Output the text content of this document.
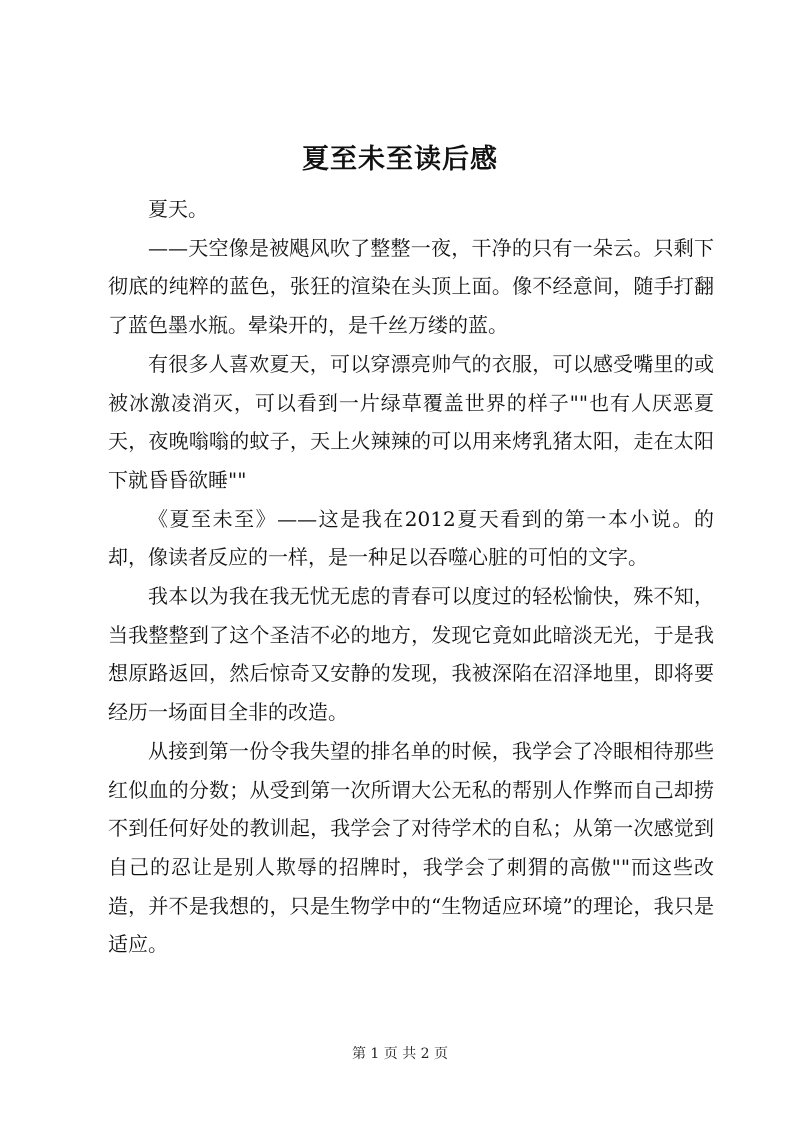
夏至未至读后感

夏天。

——天空像是被飓风吹了整整一夜，干净的只有一朵云。只剩下彻底的纯粹的蓝色，张狂的渲染在头顶上面。像不经意间，随手打翻了蓝色墨水瓶。晕染开的，是千丝万缕的蓝。

有很多人喜欢夏天，可以穿漂亮帅气的衣服，可以感受嘴里的或被冰激凌消灭，可以看到一片绿草覆盖世界的样子""也有人厌恶夏天，夜晚嗡嗡的蚊子，天上火辣辣的可以用来烤乳猪太阳，走在太阳下就昏昏欲睡""

《夏至未至》——这是我在2012夏天看到的第一本小说。的却，像读者反应的一样，是一种足以吞噬心脏的可怕的文字。

我本以为我在我无忧无虑的青春可以度过的轻松愉快，殊不知，当我整整到了这个圣洁不必的地方，发现它竟如此暗淡无光，于是我想原路返回，然后惊奇又安静的发现，我被深陷在沼泽地里，即将要经历一场面目全非的改造。

从接到第一份令我失望的排名单的时候，我学会了冷眼相待那些红似血的分数；从受到第一次所谓大公无私的帮别人作弊而自己却捞不到任何好处的教训起，我学会了对待学术的自私；从第一次感觉到自己的忍让是别人欺辱的招牌时，我学会了刺猬的高傲""而这些改造，并不是我想的，只是生物学中的“生物适应环境”的理论，我只是适应。

第 1 页 共 2 页
